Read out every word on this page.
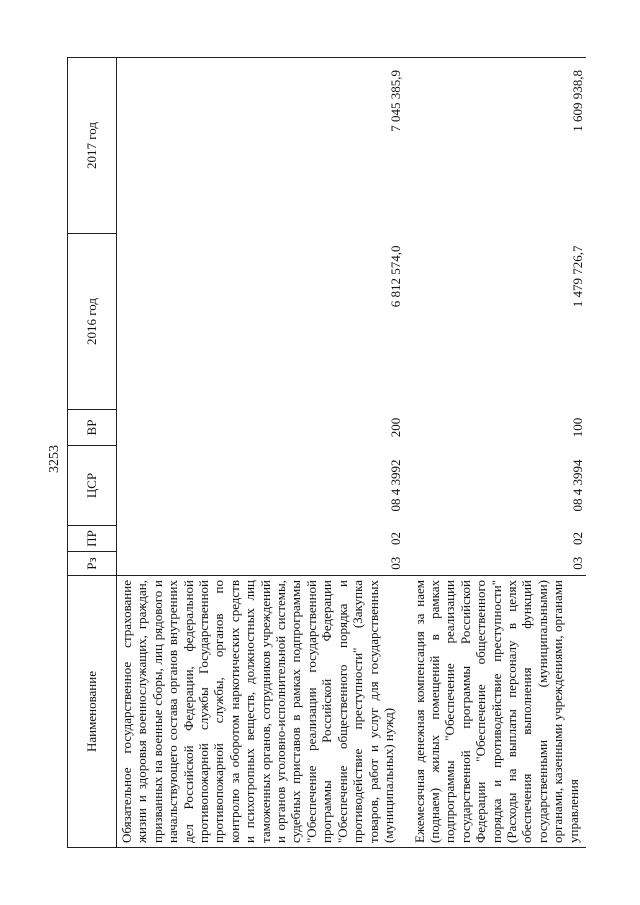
3253
Наименование	Рз	ПР	ЦСР	ВР	2016 год	2017 год
Обязательное государственное страхование жизни и здоровья военнослужащих, граждан, призванных на военные сборы, лиц рядового и начальствующего состава органов внутренних дел Российской Федерации, федеральной противопожарной службы Государственной противопожарной службы, органов по контролю за оборотом наркотических средств и психотропных веществ, должностных лиц таможенных органов, сотрудников учреждений и органов уголовно-исполнительной системы, судебных приставов в рамках подпрограммы "Обеспечение реализации государственной программы Российской Федерации "Обеспечение общественного порядка и противодействие преступности" (Закупка товаров, работ и услуг для государственных (муниципальных) нужд)	03	02	08 4 3992	200	6 812 574,0	7 045 385,9
Ежемесячная денежная компенсация за наем (поднаем) жилых помещений в рамках подпрограммы "Обеспечение реализации государственной программы Российской Федерации "Обеспечение общественного порядка и противодействие преступности" (Расходы на выплаты персоналу в целях обеспечения выполнения функций государственными (муниципальными) органами, казенными учреждениями, органами управления	03	02	08 4 3994	100	1 479 726,7	1 609 938,8
